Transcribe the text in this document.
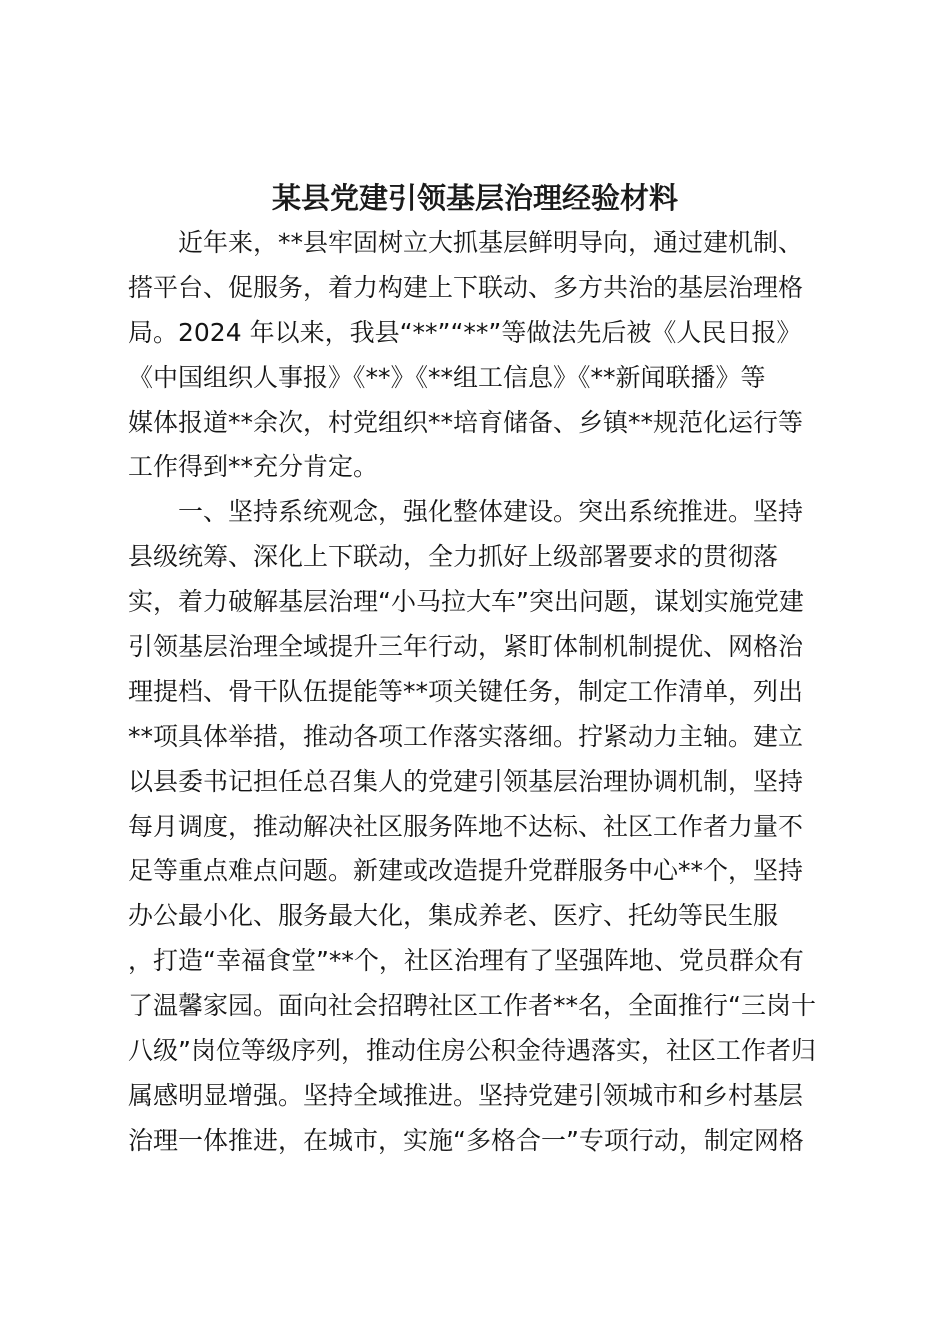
某县党建引领基层治理经验材料

近年来，**县牢固树立大抓基层鲜明导向，通过建机制、

搭平台、促服务，着力构建上下联动、多方共治的基层治理格

局。2024 年以来，我县“**”“**”等做法先后被《人民日报》

《中国组织人事报》《**》《**组工信息》《**新闻联播》等

媒体报道**余次，村党组织**培育储备、乡镇**规范化运行等

工作得到**充分肯定。

一、坚持系统观念，强化整体建设。突出系统推进。坚持

县级统筹、深化上下联动，全力抓好上级部署要求的贯彻落

实，着力破解基层治理“小马拉大车”突出问题，谋划实施党建

引领基层治理全域提升三年行动，紧盯体制机制提优、网格治

理提档、骨干队伍提能等**项关键任务，制定工作清单，列出

**项具体举措，推动各项工作落实落细。拧紧动力主轴。建立

以县委书记担任总召集人的党建引领基层治理协调机制，坚持

每月调度，推动解决社区服务阵地不达标、社区工作者力量不

足等重点难点问题。新建或改造提升党群服务中心**个，坚持

办公最小化、服务最大化，集成养老、医疗、托幼等民生服

，打造“幸福食堂”**个，社区治理有了坚强阵地、党员群众有

了温馨家园。面向社会招聘社区工作者**名，全面推行“三岗十

八级”岗位等级序列，推动住房公积金待遇落实，社区工作者归

属感明显增强。坚持全域推进。坚持党建引领城市和乡村基层

治理一体推进，在城市，实施“多格合一”专项行动，制定网格
